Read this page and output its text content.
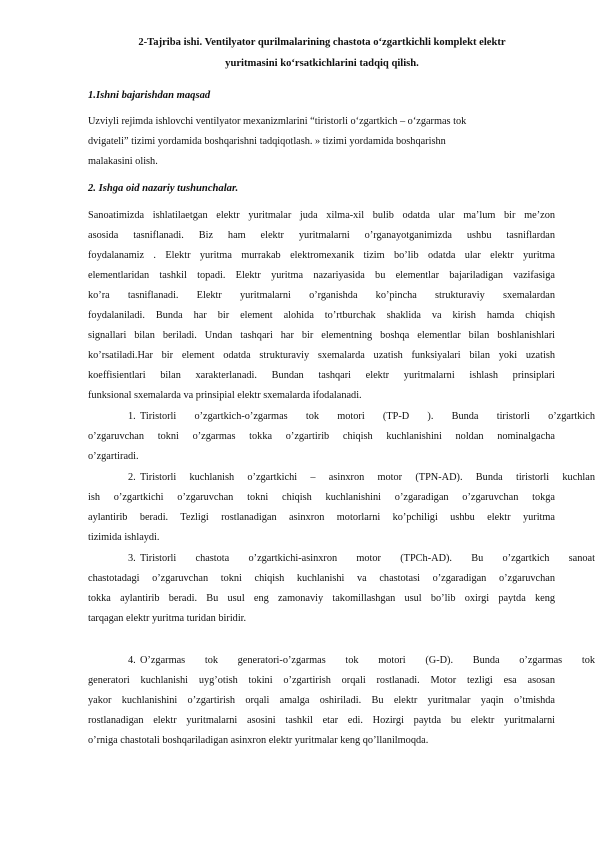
2-Tajriba ishi. Ventilyator qurilmalarining chastota o‘zgartkichli komplekt elektr
yuritmasini ko‘rsatkichlarini tadqiq qilish.
1.Ishni bajarishdan maqsad
Uzviyli rejimda ishlovchi ventilyator mexanizmlarini “tiristorli o‘zgartkich – o‘zgarmas tok
dvigateli” tizimi yordamida boshqarishni tadqiqotlash. » tizimi yordamida boshqarishn
malakasini olish.
2. Ishga oid nazariy tushunchalar.
Sanoatimizda ishlatilaetgan elektr yuritmalar juda xilma-xil bulib odatda ular ma’lum bir me’zon
asosida tasniflanadi. Biz ham elektr yuritmalarni o’rganayotganimizda ushbu tasniflardan
foydalanamiz . Elektr yuritma murrakab elektromexanik tizim bo’lib odatda ular elektr yuritma
elementlaridan tashkil topadi. Elektr yuritma nazariyasida bu elementlar bajariladigan vazifasiga
ko’ra tasniflanadi. Elektr yuritmalarni o’rganishda ko’pincha strukturaviy sxemalardan
foydalaniladi. Bunda har bir element alohida to’rtburchak shaklida va kirish hamda chiqish
signallari bilan beriladi. Undan tashqari har bir elementning boshqa elementlar bilan boshlanishlari
ko’rsatiladi.Har bir element odatda strukturaviy sxemalarda uzatish funksiyalari bilan yoki uzatish
koeffisientlari bilan xarakterlanadi. Bundan tashqari elektr yuritmalarni ishlash prinsiplari
funksional sxemalarda va prinsipial elektr sxemalarda ifodalanadi.
1. Tiristorli o’zgartkich-o’zgarmas tok motori (TP-D ). Bunda tiristorli o’zgartkich
o’zgaruvchan tokni o’zgarmas tokka o’zgartirib chiqish kuchlanishini noldan nominalgacha
o’zgartiradi.
2. Tiristorli kuchlanish o’zgartkichi – asinxron motor (TPN-AD). Bunda tiristorli kuchlan
ish o’zgartkichi o’zgaruvchan tokni chiqish kuchlanishini o’zgaradigan o’zgaruvchan tokga
aylantirib beradi. Tezligi rostlanadigan asinxron motorlarni ko’pchiligi ushbu elektr yuritma
tizimida ishlaydi.
3. Tiristorli chastota o’zgartkichi-asinxron motor (TPCh-AD). Bu o’zgartkich sanoat
chastotadagi o’zgaruvchan tokni chiqish kuchlanishi va chastotasi o’zgaradigan o’zgaruvchan
tokka aylantirib beradi. Bu usul eng zamonaviy takomillashgan usul bo’lib oxirgi paytda keng
tarqagan elektr yuritma turidan biridir.
4. O’zgarmas tok generatori-o’zgarmas tok motori (G-D). Bunda o’zgarmas tok
generatori kuchlanishi uyg’otish tokini o’zgartirish orqali rostlanadi. Motor tezligi esa asosan
yakor kuchlanishini o’zgartirish orqali amalga oshiriladi. Bu elektr yuritmalar yaqin o’tmishda
rostlanadigan elektr yuritmalarni asosini tashkil etar edi. Hozirgi paytda bu elektr yuritmalarni
o’rniga chastotali boshqariladigan asinxron elektr yuritmalar keng qo’llanilmoqda.
